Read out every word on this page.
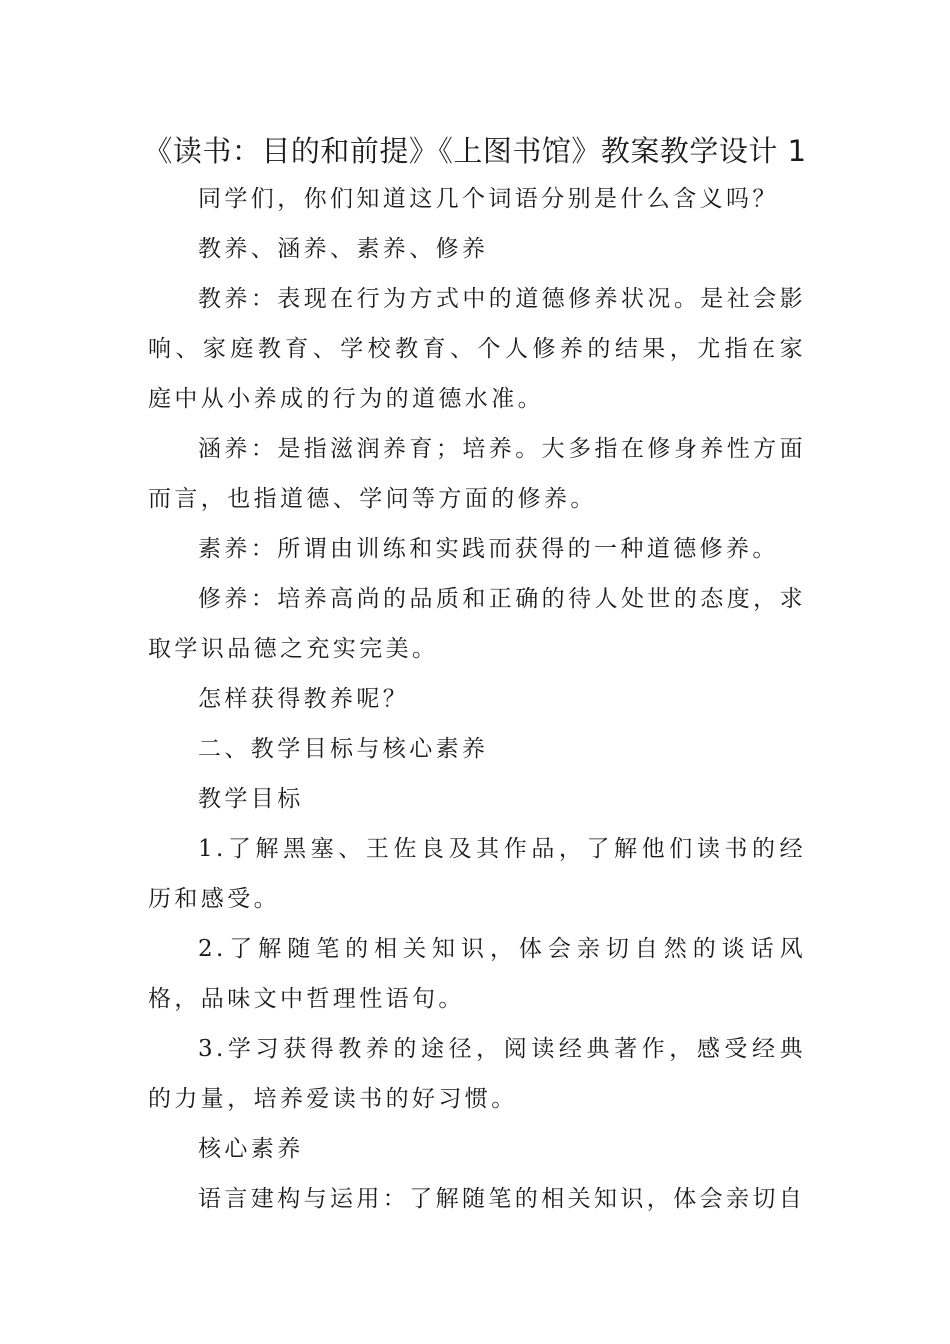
《读书：目的和前提》《上图书馆》教案教学设计 1

同学们，你们知道这几个词语分别是什么含义吗？

教养、涵养、素养、修养

教养：表现在行为方式中的道德修养状况。是社会影响、家庭教育、学校教育、个人修养的结果，尤指在家庭中从小养成的行为的道德水准。

涵养：是指滋润养育；培养。大多指在修身养性方面而言，也指道德、学问等方面的修养。

素养：所谓由训练和实践而获得的一种道德修养。

修养：培养高尚的品质和正确的待人处世的态度，求取学识品德之充实完美。

怎样获得教养呢？

二、教学目标与核心素养

教学目标

1.了解黑塞、王佐良及其作品，了解他们读书的经历和感受。

2.了解随笔的相关知识，体会亲切自然的谈话风格，品味文中哲理性语句。

3.学习获得教养的途径，阅读经典著作，感受经典的力量，培养爱读书的好习惯。

核心素养

语言建构与运用：了解随笔的相关知识，体会亲切自
